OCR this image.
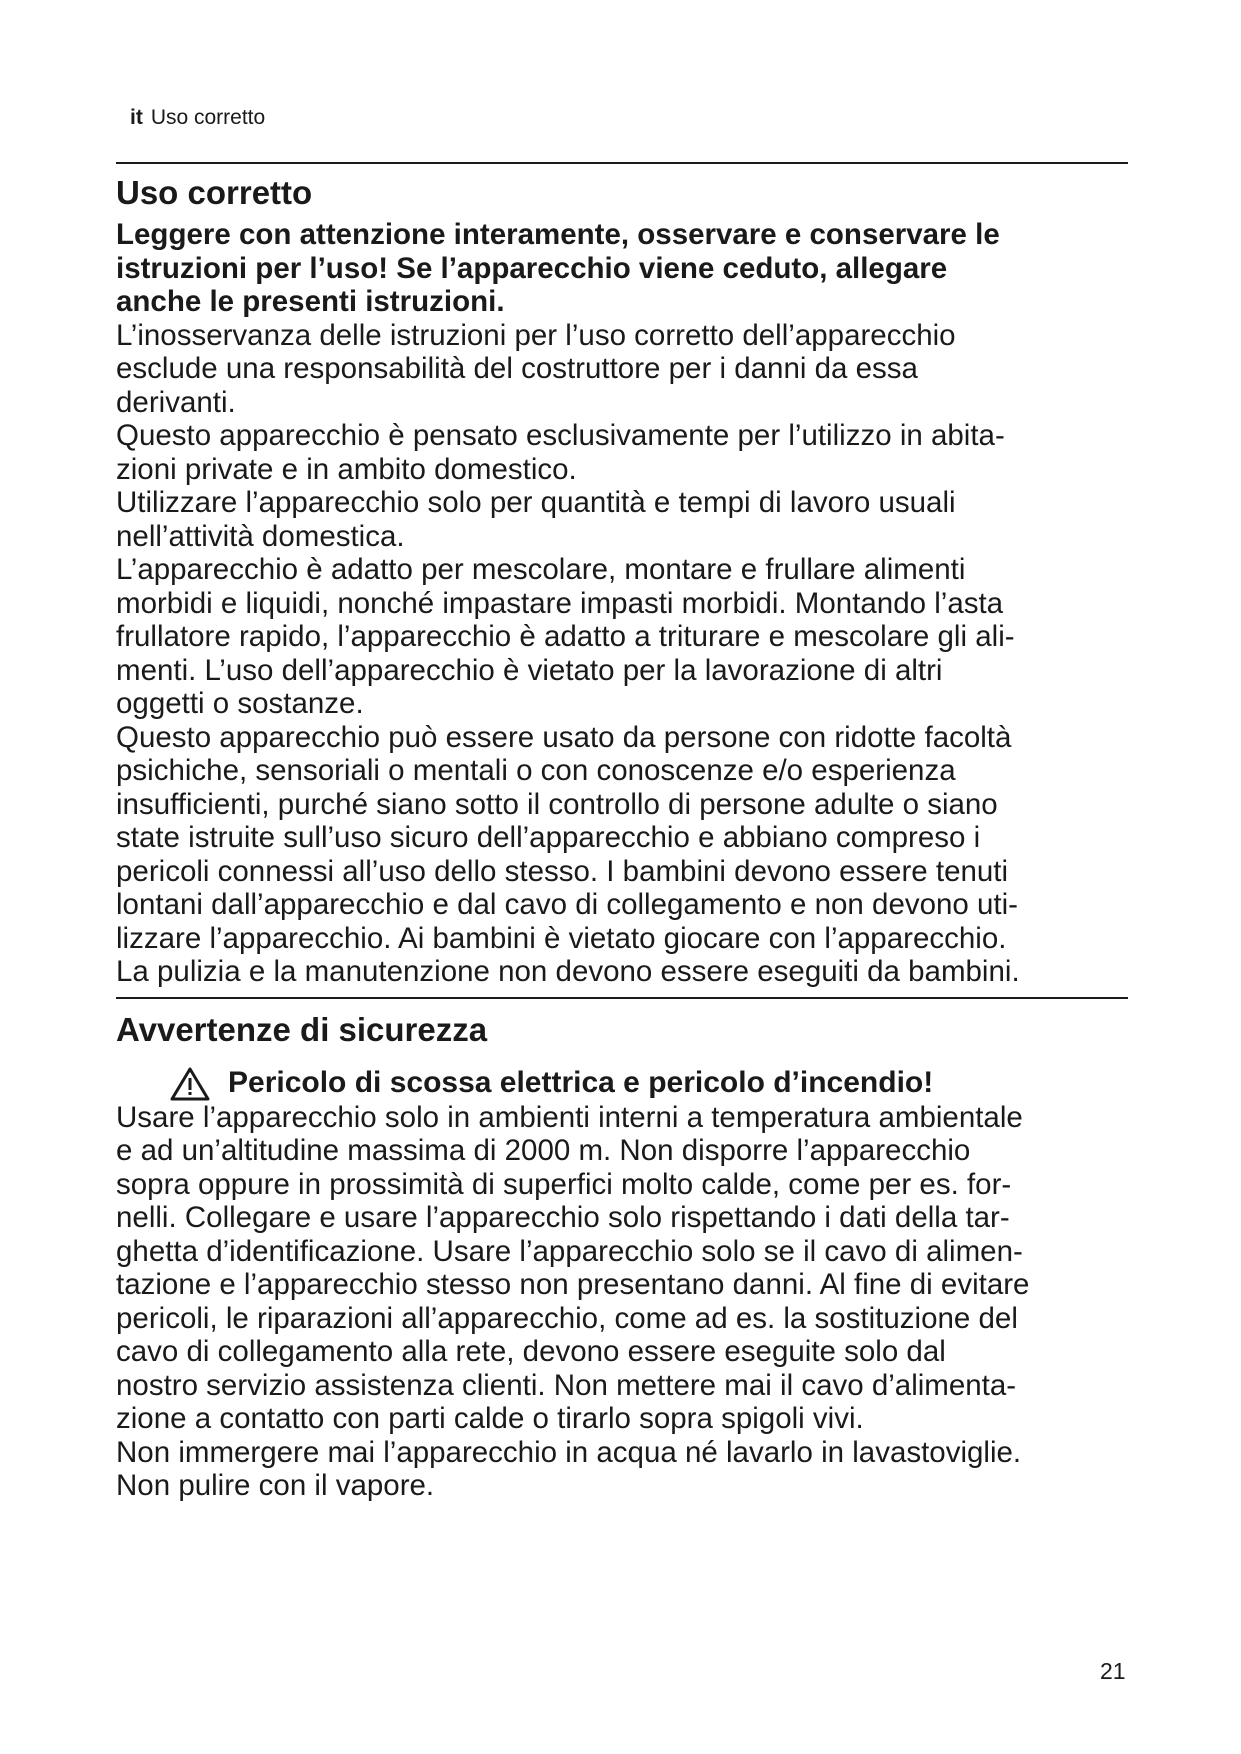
it Uso corretto
Uso corretto
Leggere con attenzione interamente, osservare e conservare le
istruzioni per l’uso! Se l’apparecchio viene ceduto, allegare
anche le presenti istruzioni.
L’inosservanza delle istruzioni per l’uso corretto dell’apparecchio
esclude una responsabilità del costruttore per i danni da essa
derivanti.
Questo apparecchio è pensato esclusivamente per l’utilizzo in abita-
zioni private e in ambito domestico.
Utilizzare l’apparecchio solo per quantità e tempi di lavoro usuali
nell’attività domestica.
L’apparecchio è adatto per mescolare, montare e frullare alimenti
morbidi e liquidi, nonché impastare impasti morbidi. Montando l’asta
frullatore rapido, l’apparecchio è adatto a triturare e mescolare gli ali-
menti. L’uso dell’apparecchio è vietato per la lavorazione di altri
oggetti o sostanze.
Questo apparecchio può essere usato da persone con ridotte facoltà
psichiche, sensoriali o mentali o con conoscenze e/o esperienza
insufficienti, purché siano sotto il controllo di persone adulte o siano
state istruite sull’uso sicuro dell’apparecchio e abbiano compreso i
pericoli connessi all’uso dello stesso. I bambini devono essere tenuti
lontani dall’apparecchio e dal cavo di collegamento e non devono uti-
lizzare l’apparecchio. Ai bambini è vietato giocare con l’apparecchio.
La pulizia e la manutenzione non devono essere eseguiti da bambini.
Avvertenze di sicurezza
Pericolo di scossa elettrica e pericolo d’incendio!
Usare l’apparecchio solo in ambienti interni a temperatura ambientale
e ad un’altitudine massima di 2000 m. Non disporre l’apparecchio
sopra oppure in prossimità di superfici molto calde, come per es. for-
nelli. Collegare e usare l’apparecchio solo rispettando i dati della tar-
ghetta d’identificazione. Usare l’apparecchio solo se il cavo di alimen-
tazione e l’apparecchio stesso non presentano danni. Al fine di evitare
pericoli, le riparazioni all’apparecchio, come ad es. la sostituzione del
cavo di collegamento alla rete, devono essere eseguite solo dal
nostro servizio assistenza clienti. Non mettere mai il cavo d’alimenta-
zione a contatto con parti calde o tirarlo sopra spigoli vivi.
Non immergere mai l’apparecchio in acqua né lavarlo in lavastoviglie.
Non pulire con il vapore.
21
